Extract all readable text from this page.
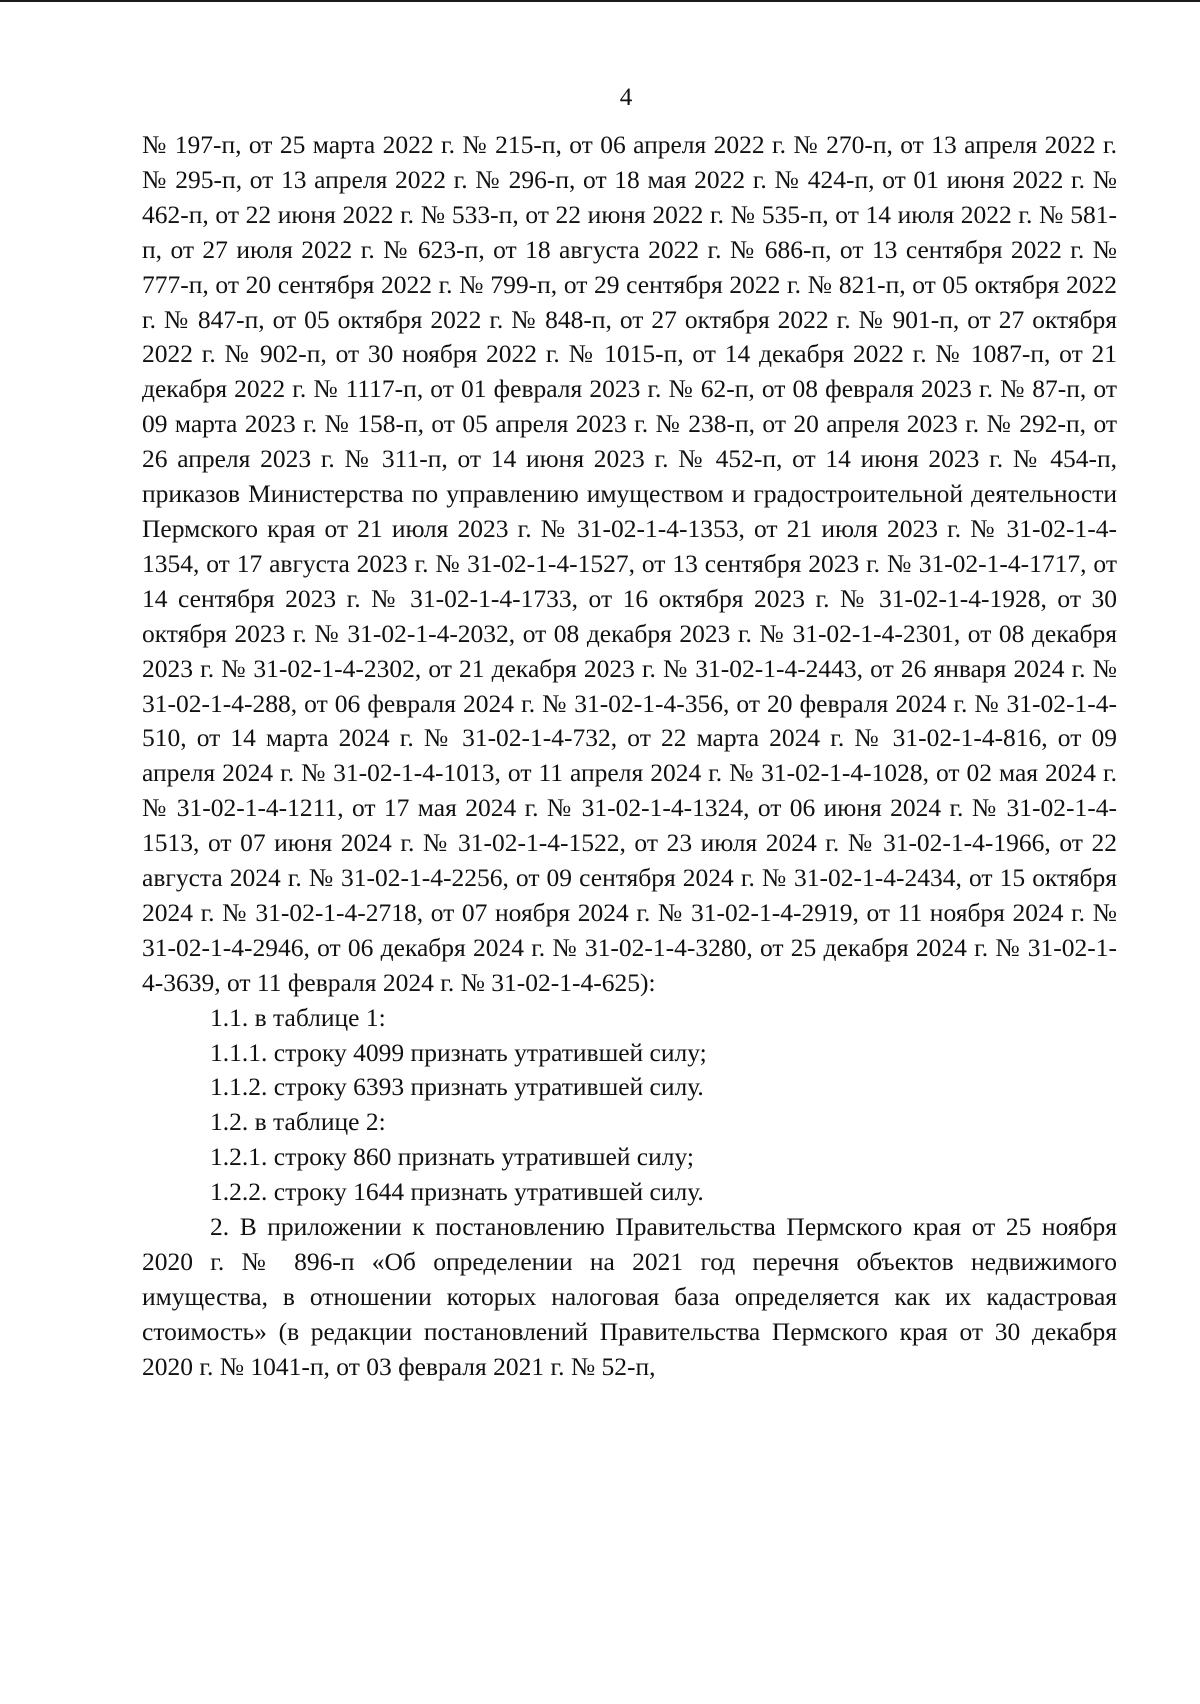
4

№ 197-п, от 25 марта 2022 г. № 215-п, от 06 апреля 2022 г. № 270-п, от 13 апреля 2022 г. № 295-п, от 13 апреля 2022 г. № 296-п, от 18 мая 2022 г. № 424-п, от 01 июня 2022 г. № 462-п, от 22 июня 2022 г. № 533-п, от 22 июня 2022 г. № 535-п, от 14 июля 2022 г. № 581-п, от 27 июля 2022 г. № 623-п, от 18 августа 2022 г. № 686-п, от 13 сентября 2022 г. № 777-п, от 20 сентября 2022 г. № 799-п, от 29 сентября 2022 г. № 821-п, от 05 октября 2022 г. № 847-п, от 05 октября 2022 г. № 848-п, от 27 октября 2022 г. № 901-п, от 27 октября 2022 г. № 902-п, от 30 ноября 2022 г. № 1015-п, от 14 декабря 2022 г. № 1087-п, от 21 декабря 2022 г. № 1117-п, от 01 февраля 2023 г. № 62-п, от 08 февраля 2023 г. № 87-п, от 09 марта 2023 г. № 158-п, от 05 апреля 2023 г. № 238-п, от 20 апреля 2023 г. № 292-п, от 26 апреля 2023 г. № 311-п, от 14 июня 2023 г. № 452-п, от 14 июня 2023 г. № 454-п, приказов Министерства по управлению имуществом и градостроительной деятельности Пермского края от 21 июля 2023 г. № 31-02-1-4-1353, от 21 июля 2023 г. № 31-02-1-4-1354, от 17 августа 2023 г. № 31-02-1-4-1527, от 13 сентября 2023 г. № 31-02-1-4-1717, от 14 сентября 2023 г. № 31-02-1-4-1733, от 16 октября 2023 г. № 31-02-1-4-1928, от 30 октября 2023 г. № 31-02-1-4-2032, от 08 декабря 2023 г. № 31-02-1-4-2301, от 08 декабря 2023 г. № 31-02-1-4-2302, от 21 декабря 2023 г. № 31-02-1-4-2443, от 26 января 2024 г. № 31-02-1-4-288, от 06 февраля 2024 г. № 31-02-1-4-356, от 20 февраля 2024 г. № 31-02-1-4-510, от 14 марта 2024 г. № 31-02-1-4-732, от 22 марта 2024 г. № 31-02-1-4-816, от 09 апреля 2024 г. № 31-02-1-4-1013, от 11 апреля 2024 г. № 31-02-1-4-1028, от 02 мая 2024 г. № 31-02-1-4-1211, от 17 мая 2024 г. № 31-02-1-4-1324, от 06 июня 2024 г. № 31-02-1-4-1513, от 07 июня 2024 г. № 31-02-1-4-1522, от 23 июля 2024 г. № 31-02-1-4-1966, от 22 августа 2024 г. № 31-02-1-4-2256, от 09 сентября 2024 г. № 31-02-1-4-2434, от 15 октября 2024 г. № 31-02-1-4-2718, от 07 ноября 2024 г. № 31-02-1-4-2919, от 11 ноября 2024 г. № 31-02-1-4-2946, от 06 декабря 2024 г. № 31-02-1-4-3280, от 25 декабря 2024 г. № 31-02-1-4-3639, от 11 февраля 2024 г. № 31-02-1-4-625):

1.1. в таблице 1:

1.1.1. строку 4099 признать утратившей силу;

1.1.2. строку 6393 признать утратившей силу.

1.2. в таблице 2:

1.2.1. строку 860 признать утратившей силу;

1.2.2. строку 1644 признать утратившей силу.

2. В приложении к постановлению Правительства Пермского края от 25 ноября 2020 г. № 896-п «Об определении на 2021 год перечня объектов недвижимого имущества, в отношении которых налоговая база определяется как их кадастровая стоимость» (в редакции постановлений Правительства Пермского края от 30 декабря 2020 г. № 1041-п, от 03 февраля 2021 г. № 52-п,
